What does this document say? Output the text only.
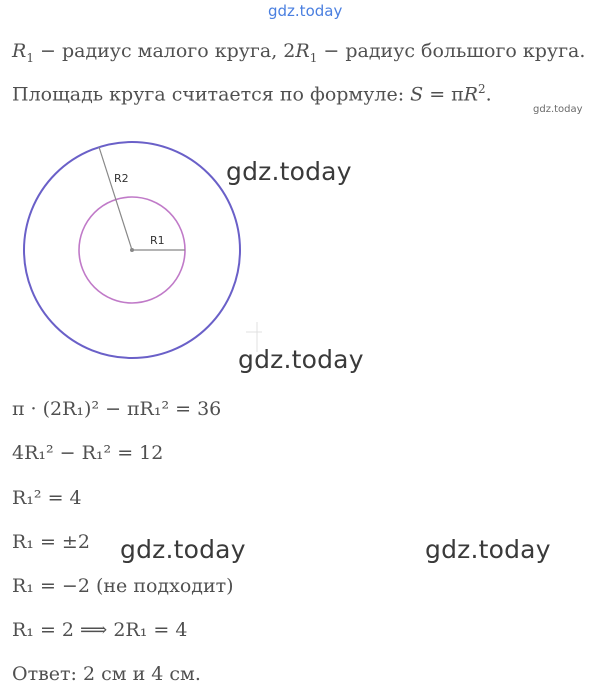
gdz.today
$R_1$ − радиус малого круга, $2R_1$ − радиус большого круга.
Площадь круга считается по формуле: $S = \pi R^2$.
gdz.today
R2
R1
gdz.today
gdz.today
π · (2R₁)² − πR₁² = 36
4R₁² − R₁² = 12
R₁² = 4
R₁ = ±2 gdz.today	gdz.today
R₁ = −2 (не подходит)
R₁ = 2 ⟹ 2R₁ = 4
Ответ: 2 см и 4 см.
